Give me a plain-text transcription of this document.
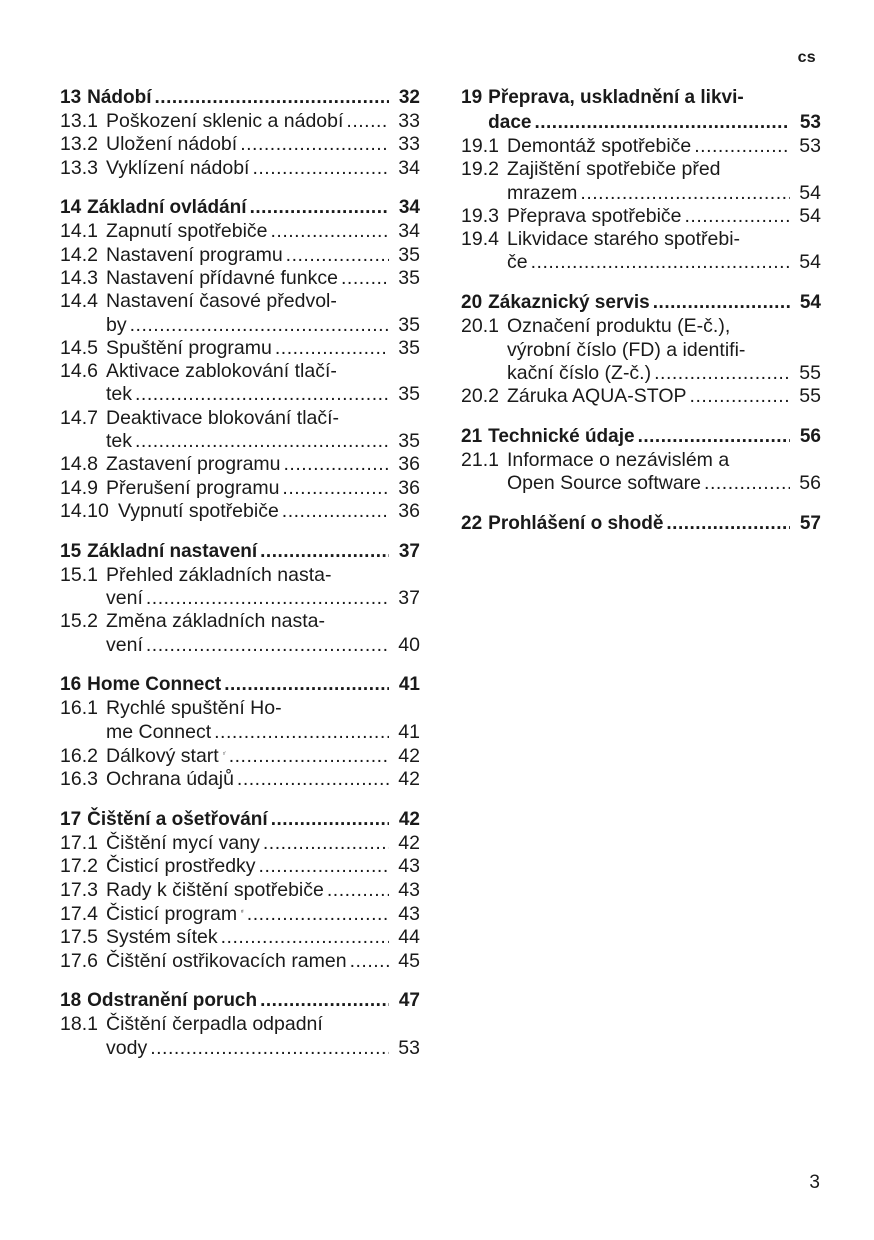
cs
13 Nádobí .....	32
13.1 Poškození sklenic a nádobí .....	33
13.2 Uložení nádobí .....	33
13.3 Vyklízení nádobí .....	34
14 Základní ovládání .....	34
14.1 Zapnutí spotřebiče .....	34
14.2 Nastavení programu .....	35
14.3 Nastavení přídavné funkce .....	35
14.4 Nastavení časové předvol-
by .....	35
14.5 Spuštění programu .....	35
14.6 Aktivace zablokování tlačí-
tek .....	35
14.7 Deaktivace blokování tlačí-
tek .....	35
14.8 Zastavení programu .....	36
14.9 Přerušení programu .....	36
14.10 Vypnutí spotřebiče .....	36
15 Základní nastavení .....	37
15.1 Přehled základních nasta-
vení .....	37
15.2 Změna základních nasta-
vení .....	40
16 Home Connect .....	41
16.1 Rychlé spuštění Ho-
me Connect .....	41
16.2 Dálkový start .....	42
16.3 Ochrana údajů .....	42
17 Čištění a ošetřování .....	42
17.1 Čištění mycí vany .....	42
17.2 Čisticí prostředky .....	43
17.3 Rady k čištění spotřebiče .....	43
17.4 Čisticí program .....	43
17.5 Systém sítek .....	44
17.6 Čištění ostřikovacích ramen .....	45
18 Odstranění poruch .....	47
18.1 Čištění čerpadla odpadní
vody .....	53
19 Přeprava, uskladnění a likvi-
dace .....	53
19.1 Demontáž spotřebiče .....	53
19.2 Zajištění spotřebiče před
mrazem .....	54
19.3 Přeprava spotřebiče .....	54
19.4 Likvidace starého spotřebi-
če .....	54
20 Zákaznický servis .....	54
20.1 Označení produktu (E-č.),
výrobní číslo (FD) a identifi-
kační číslo (Z-č.) .....	55
20.2 Záruka AQUA-STOP .....	55
21 Technické údaje .....	56
21.1 Informace o nezávislém a
Open Source software .....	56
22 Prohlášení o shodě .....	57
3
